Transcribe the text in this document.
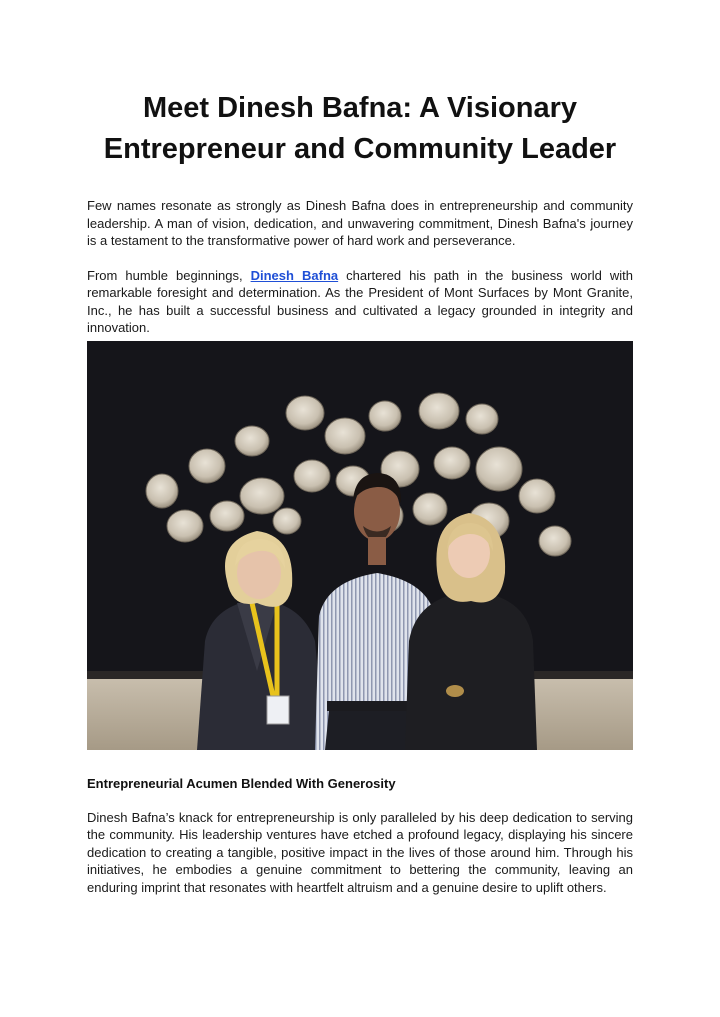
Meet Dinesh Bafna: A Visionary Entrepreneur and Community Leader

Few names resonate as strongly as Dinesh Bafna does in entrepreneurship and community leadership. A man of vision, dedication, and unwavering commitment, Dinesh Bafna's journey is a testament to the transformative power of hard work and perseverance.

From humble beginnings, Dinesh Bafna chartered his path in the business world with remarkable foresight and determination. As the President of Mont Surfaces by Mont Granite, Inc., he has built a successful business and cultivated a legacy grounded in integrity and innovation.

Entrepreneurial Acumen Blended With Generosity

Dinesh Bafna’s knack for entrepreneurship is only paralleled by his deep dedication to serving the community. His leadership ventures have etched a profound legacy, displaying his sincere dedication to creating a tangible, positive impact in the lives of those around him. Through his initiatives, he embodies a genuine commitment to bettering the community, leaving an enduring imprint that resonates with heartfelt altruism and a genuine desire to uplift others.
